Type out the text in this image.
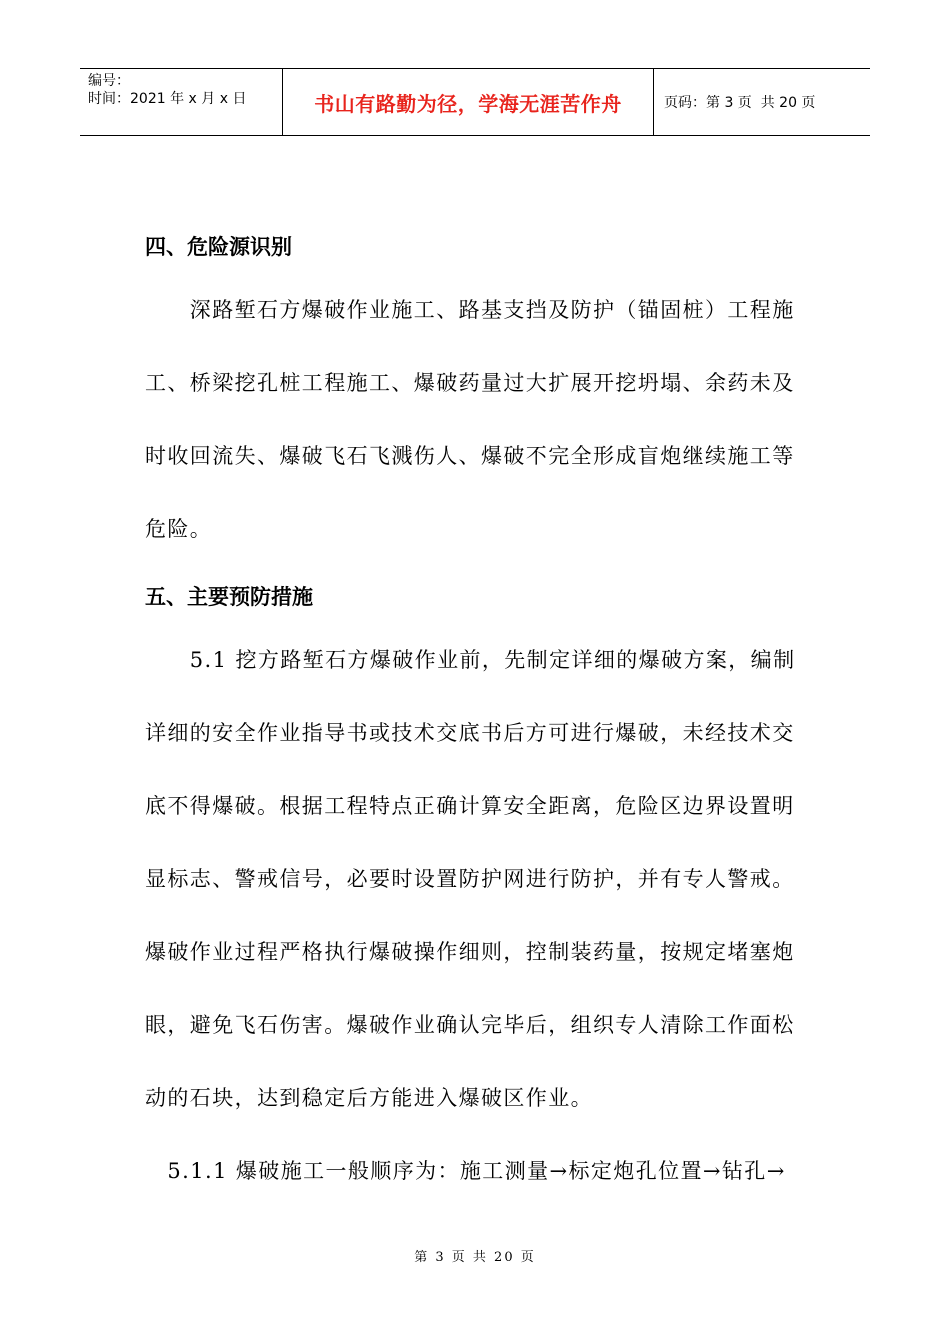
编号：
时间：2021 年 x 月 x 日	书山有路勤为径，学海无涯苦作舟	页码：第 3 页  共 20 页
四、危险源识别
　　深路堑石方爆破作业施工、路基支挡及防护（锚固桩）工程施
工、桥梁挖孔桩工程施工、爆破药量过大扩展开挖坍塌、余药未及
时收回流失、爆破飞石飞溅伤人、爆破不完全形成盲炮继续施工等
危险。
五、主要预防措施
　　5.1 挖方路堑石方爆破作业前，先制定详细的爆破方案，编制
详细的安全作业指导书或技术交底书后方可进行爆破，未经技术交
底不得爆破。根据工程特点正确计算安全距离，危险区边界设置明
显标志、警戒信号，必要时设置防护网进行防护，并有专人警戒。
爆破作业过程严格执行爆破操作细则，控制装药量，按规定堵塞炮
眼，避免飞石伤害。爆破作业确认完毕后，组织专人清除工作面松
动的石块，达到稳定后方能进入爆破区作业。
　5.1.1 爆破施工一般顺序为：施工测量→标定炮孔位置→钻孔→
第 3 页 共 20 页
